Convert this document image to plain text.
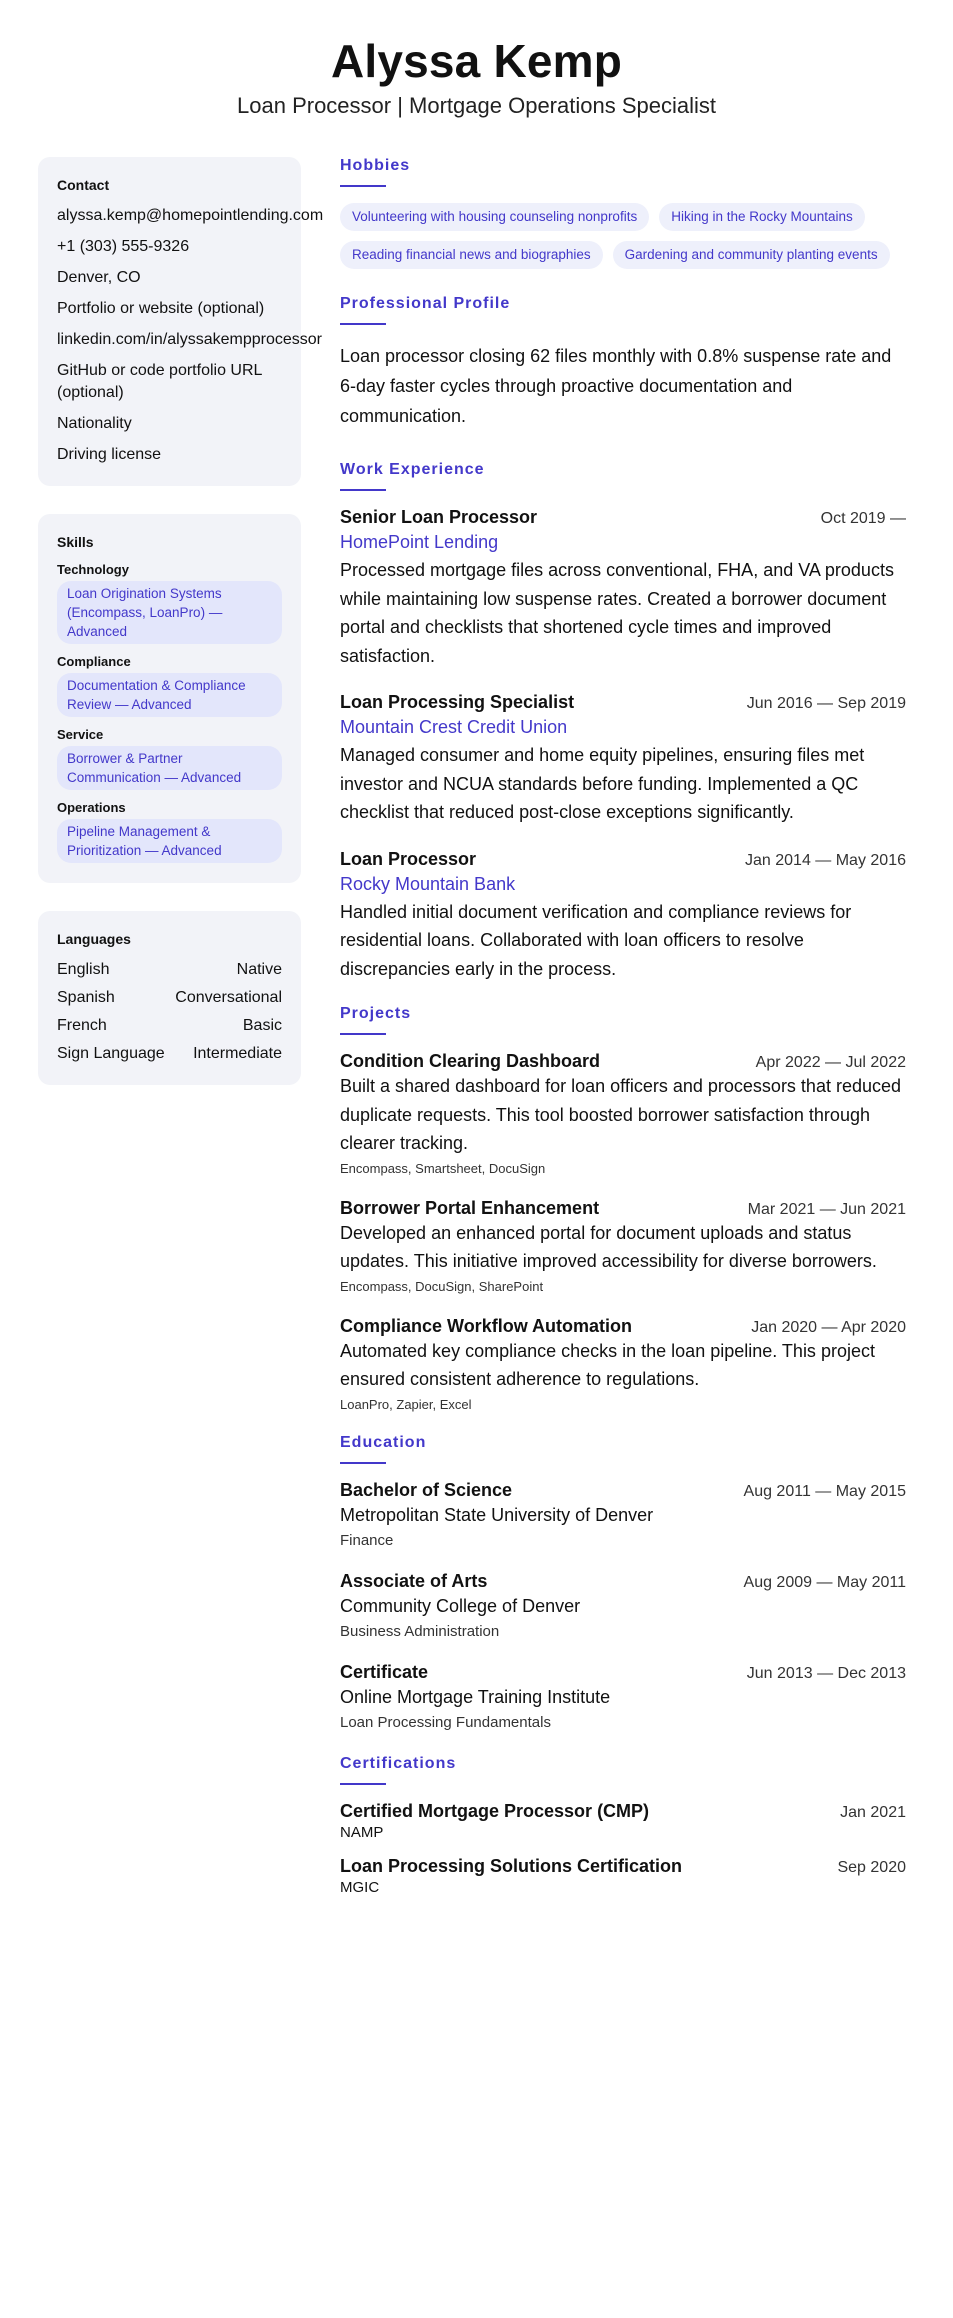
Alyssa Kemp
Loan Processor | Mortgage Operations Specialist
Contact
alyssa.kemp@homepointlending.com
+1 (303) 555-9326
Denver, CO
Portfolio or website (optional)
linkedin.com/in/alyssakempprocessor
GitHub or code portfolio URL (optional)
Nationality
Driving license
Skills
Technology
Loan Origination Systems (Encompass, LoanPro) — Advanced
Compliance
Documentation & Compliance Review — Advanced
Service
Borrower & Partner Communication — Advanced
Operations
Pipeline Management & Prioritization — Advanced
Languages
English	Native
Spanish	Conversational
French	Basic
Sign Language Intermediate
Hobbies
Volunteering with housing counseling nonprofits	Hiking in the Rocky Mountains
Reading financial news and biographies	Gardening and community planting events
Professional Profile
Loan processor closing 62 files monthly with 0.8% suspense rate and 6-day faster cycles through proactive documentation and communication.
Work Experience
Senior Loan Processor	Oct 2019 —
HomePoint Lending
Processed mortgage files across conventional, FHA, and VA products while maintaining low suspense rates. Created a borrower document portal and checklists that shortened cycle times and improved satisfaction.
Loan Processing Specialist	Jun 2016 — Sep 2019
Mountain Crest Credit Union
Managed consumer and home equity pipelines, ensuring files met investor and NCUA standards before funding. Implemented a QC checklist that reduced post-close exceptions significantly.
Loan Processor	Jan 2014 — May 2016
Rocky Mountain Bank
Handled initial document verification and compliance reviews for residential loans. Collaborated with loan officers to resolve discrepancies early in the process.
Projects
Condition Clearing Dashboard	Apr 2022 — Jul 2022
Built a shared dashboard for loan officers and processors that reduced duplicate requests. This tool boosted borrower satisfaction through clearer tracking.
Encompass, Smartsheet, DocuSign
Borrower Portal Enhancement	Mar 2021 — Jun 2021
Developed an enhanced portal for document uploads and status updates. This initiative improved accessibility for diverse borrowers.
Encompass, DocuSign, SharePoint
Compliance Workflow Automation	Jan 2020 — Apr 2020
Automated key compliance checks in the loan pipeline. This project ensured consistent adherence to regulations.
LoanPro, Zapier, Excel
Education
Bachelor of Science	Aug 2011 — May 2015
Metropolitan State University of Denver
Finance
Associate of Arts	Aug 2009 — May 2011
Community College of Denver
Business Administration
Certificate	Jun 2013 — Dec 2013
Online Mortgage Training Institute
Loan Processing Fundamentals
Certifications
Certified Mortgage Processor (CMP)	Jan 2021
NAMP
Loan Processing Solutions Certification	Sep 2020
MGIC
